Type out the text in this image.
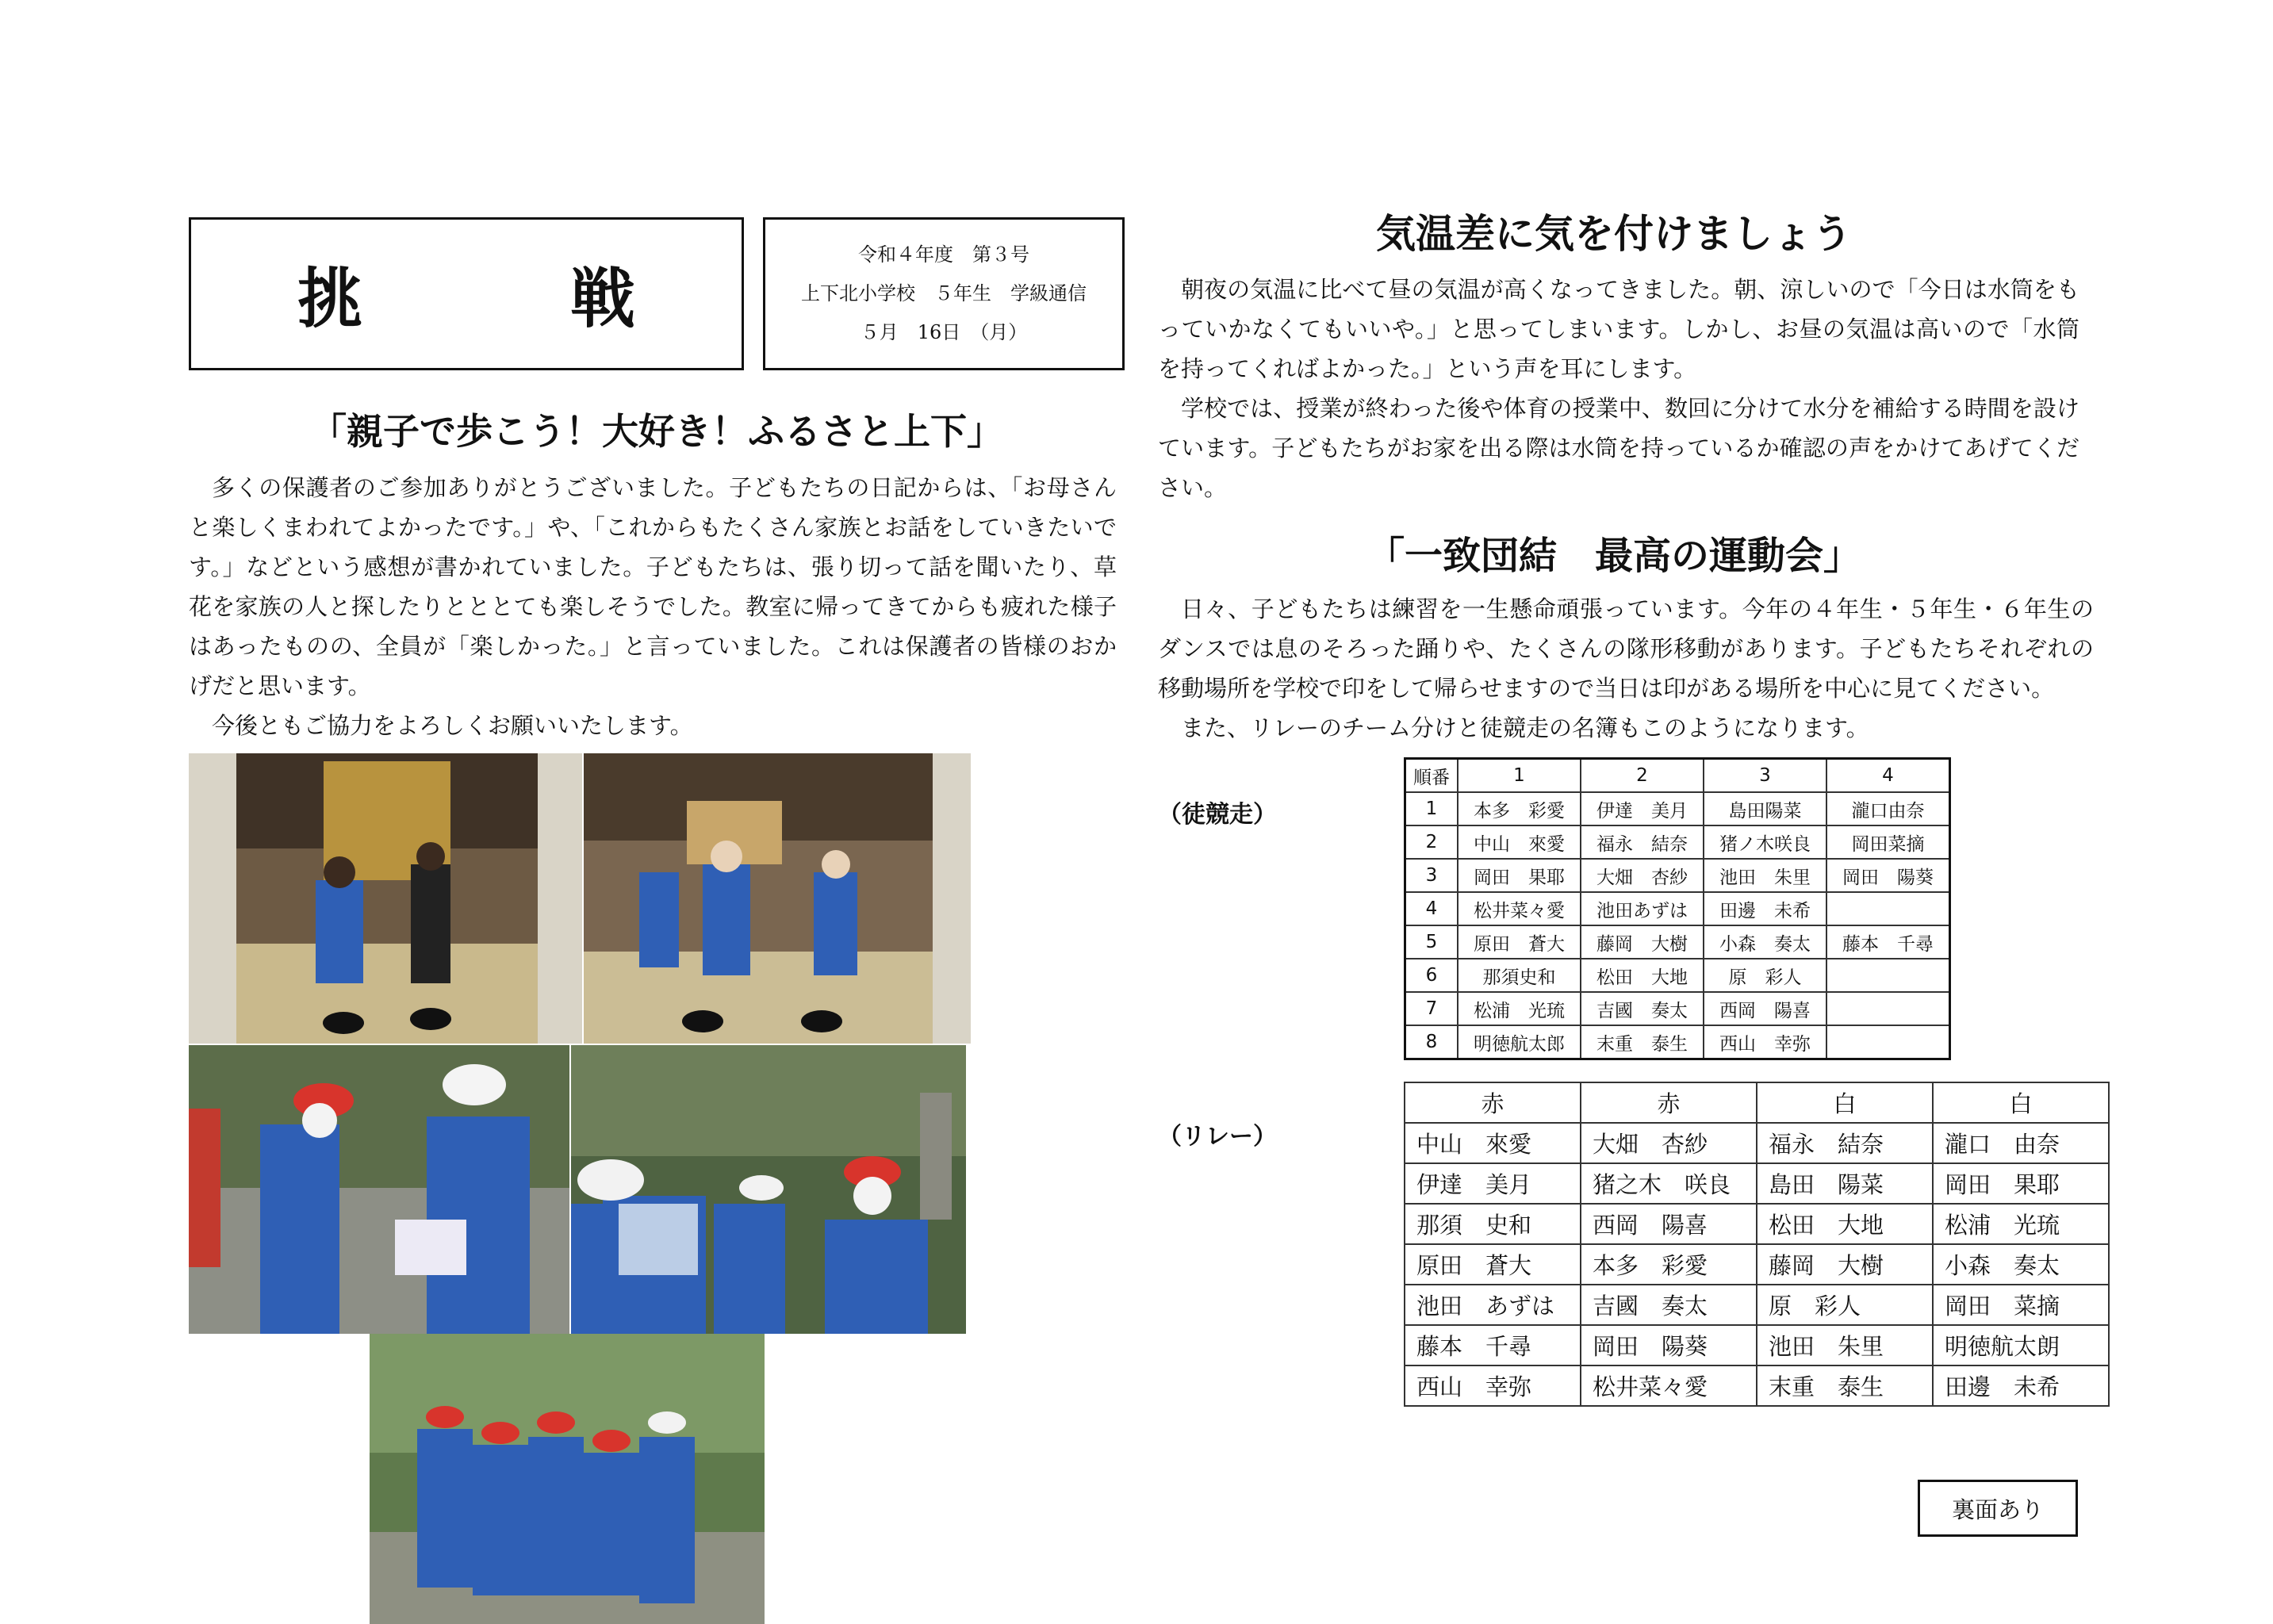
挑　戦
令和４年度　第３号
上下北小学校　５年生　学級通信
５月　16日　（月）
「親子で歩こう！大好き！ふるさと上下」

多くの保護者のご参加ありがとうございました。子どもたちの日記からは、「お母さんと楽しくまわれてよかったです。」や、「これからもたくさん家族とお話をしていきたいです。」などという感想が書かれていました。子どもたちは、張り切って話を聞いたり、草花を家族の人と探したりとととても楽しそうでした。教室に帰ってきてからも疲れた様子はあったものの、全員が「楽しかった。」と言っていました。これは保護者の皆様のおかげだと思います。

今後ともご協力をよろしくお願いいたします。

気温差に気を付けましょう

朝夜の気温に比べて昼の気温が高くなってきました。朝、涼しいので「今日は水筒をもっていかなくてもいいや。」と思ってしまいます。しかし、お昼の気温は高いので「水筒を持ってくればよかった。」という声を耳にします。

学校では、授業が終わった後や体育の授業中、数回に分けて水分を補給する時間を設けています。子どもたちがお家を出る際は水筒を持っているか確認の声をかけてあげてください。

「一致団結　最高の運動会」

日々、子どもたちは練習を一生懸命頑張っています。今年の４年生・５年生・６年生のダンスでは息のそろった踊りや、たくさんの隊形移動があります。子どもたちそれぞれの移動場所を学校で印をして帰らせますので当日は印がある場所を中心に見てください。

また、リレーのチーム分けと徒競走の名簿もこのようになります。

（徒競走）
順番	1	2	3	4
1	本多　彩愛	伊達　美月	島田陽菜	瀧口由奈
2	中山　來愛	福永　結奈	猪ノ木咲良	岡田菜摘
3	岡田　果耶	大畑　杏紗	池田　朱里	岡田　陽葵
4	松井菜々愛	池田あずは	田邊　未希	
5	原田　蒼大	藤岡　大樹	小森　奏太	藤本　千尋
6	那須史和	松田　大地	原　彩人	
7	松浦　光琉	吉國　奏太	西岡　陽喜	
8	明徳航太郎	末重　泰生	西山　幸弥	
（リレー）
赤	赤	白	白
中山　來愛	大畑　杏紗	福永　結奈	瀧口　由奈
伊達　美月	猪之木　咲良	島田　陽菜	岡田　果耶
那須　史和	西岡　陽喜	松田　大地	松浦　光琉
原田　蒼大	本多　彩愛	藤岡　大樹	小森　奏太
池田　あずは	吉國　奏太	原　彩人	岡田　菜摘
藤本　千尋	岡田　陽葵	池田　朱里	明徳航太朗
西山　幸弥	松井菜々愛	末重　泰生	田邊　未希
裏面あり
